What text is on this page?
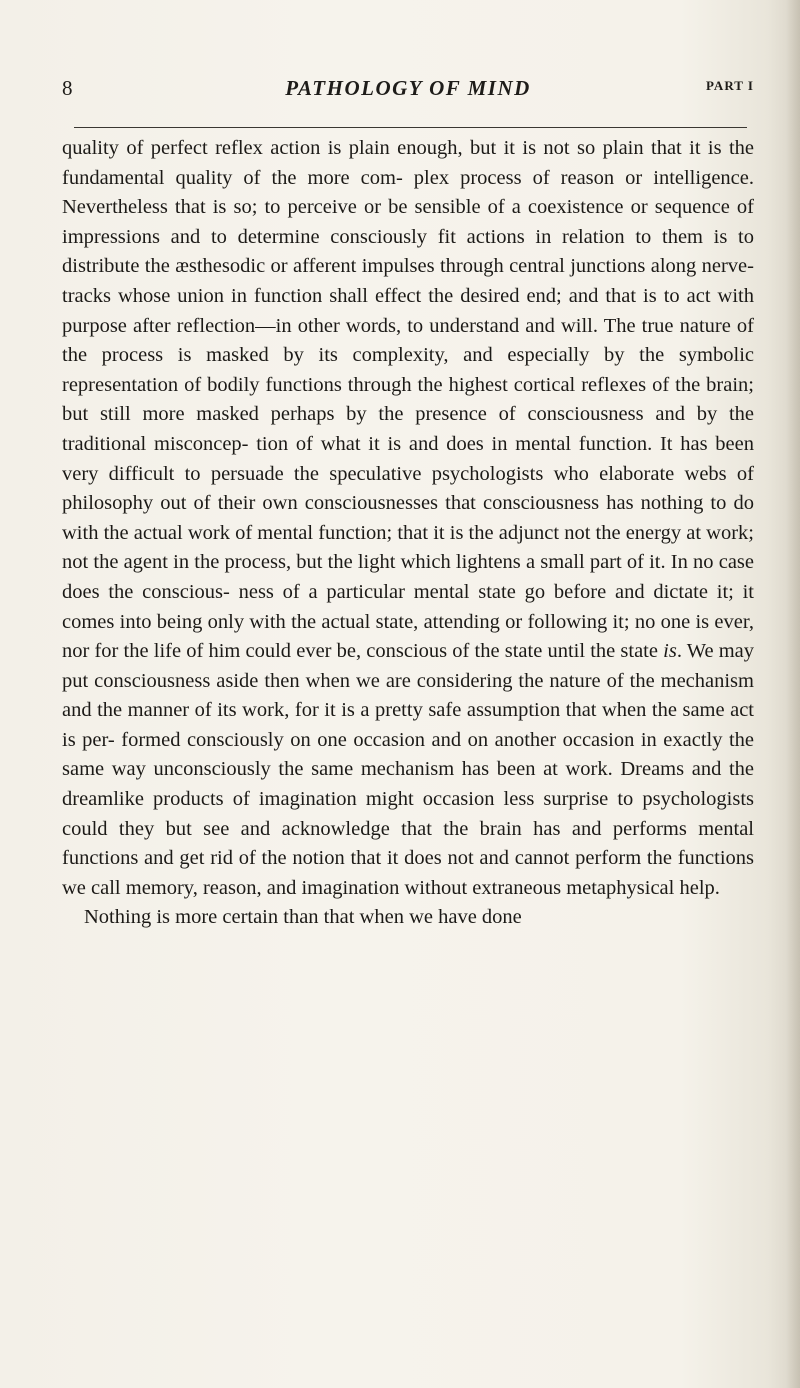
8	PATHOLOGY OF MIND	PART I

quality of perfect reflex action is plain enough, but it is not so plain that it is the fundamental quality of the more com- plex process of reason or intelligence. Nevertheless that is so; to perceive or be sensible of a coexistence or sequence of impressions and to determine consciously fit actions in relation to them is to distribute the æsthesodic or afferent impulses through central junctions along nerve-tracks whose union in function shall effect the desired end; and that is to act with purpose after reflection—in other words, to understand and will. The true nature of the process is masked by its complexity, and especially by the symbolic representation of bodily functions through the highest cortical reflexes of the brain; but still more masked perhaps by the presence of consciousness and by the traditional misconcep- tion of what it is and does in mental function. It has been very difficult to persuade the speculative psychologists who elaborate webs of philosophy out of their own consciousnesses that consciousness has nothing to do with the actual work of mental function; that it is the adjunct not the energy at work; not the agent in the process, but the light which lightens a small part of it. In no case does the conscious- ness of a particular mental state go before and dictate it; it comes into being only with the actual state, attending or following it; no one is ever, nor for the life of him could ever be, conscious of the state until the state is. We may put consciousness aside then when we are considering the nature of the mechanism and the manner of its work, for it is a pretty safe assumption that when the same act is per- formed consciously on one occasion and on another occasion in exactly the same way unconsciously the same mechanism has been at work. Dreams and the dreamlike products of imagination might occasion less surprise to psychologists could they but see and acknowledge that the brain has and performs mental functions and get rid of the notion that it does not and cannot perform the functions we call memory, reason, and imagination without extraneous metaphysical help.

Nothing is more certain than that when we have done
